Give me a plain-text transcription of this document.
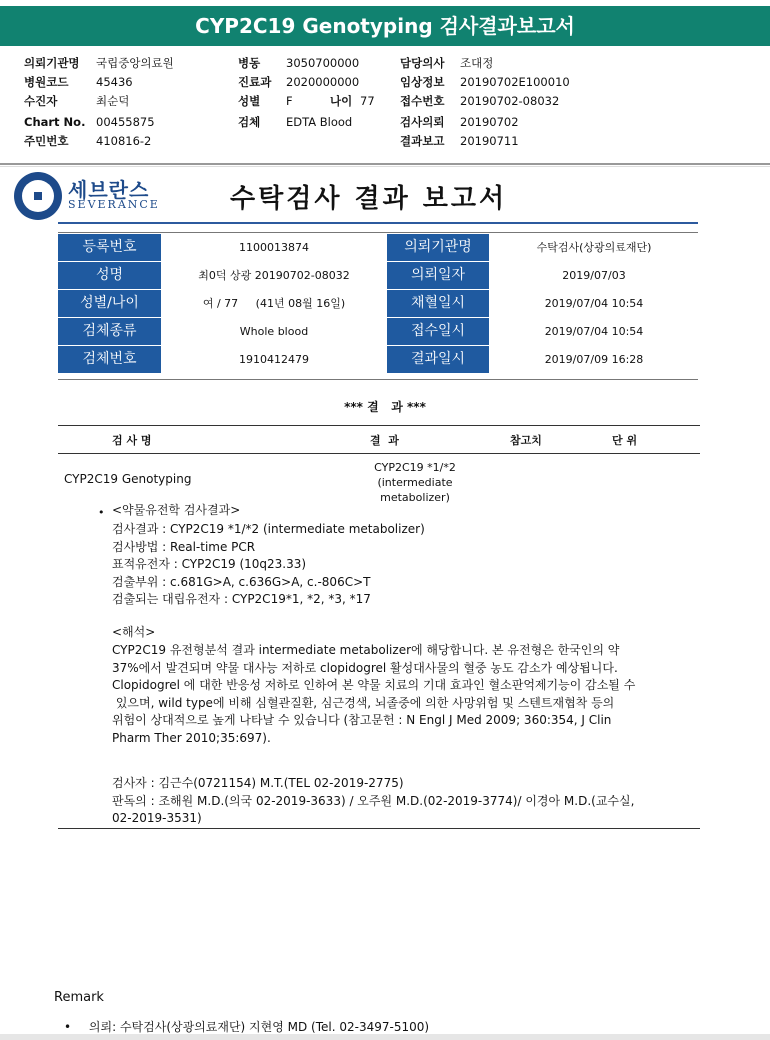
CYP2C19 Genotyping 검사결과보고서
의뢰기관명 국립중앙의료원
병원코드 45436
수진자	최순덕
Chart No. 00455875
주민번호 410816-2
병동 3050700000
진료과 2020000000
성별 F	나이 77
검체 EDTA Blood
담당의사 조대정
임상정보 20190702E100010
접수번호 20190702-08032
검사의뢰 20190702
결과보고 20190711
세브란스
SEVERANCE	수탁검사 결과 보고서
등록번호	1100013874	의뢰기관명	수탁검사(상광의료재단)
성명	최0덕 상광 20190702-08032	의뢰일자	2019/07/03
성별/나이	여 / 77     (41년 08월 16일)	채혈일시	2019/07/04 10:54
검체종류	Whole blood	접수일시	2019/07/04 10:54
검체번호	1910412479	결과일시	2019/07/09 16:28
*** 결   과 ***
검 사 명	결  과	참고치	단 위
CYP2C19 Genotyping
CYP2C19 *1/*2
(intermediate
metabolizer)
• <약물유전학 검사결과>
검사결과 : CYP2C19 *1/*2 (intermediate metabolizer)
검사방법 : Real-time PCR
표적유전자 : CYP2C19 (10q23.33)
검출부위 : c.681G>A, c.636G>A, c.-806C>T
검출되는 대립유전자 : CYP2C19*1, *2, *3, *17
<해석>
CYP2C19 유전형분석 결과 intermediate metabolizer에 해당합니다. 본 유전형은 한국인의 약
37%에서 발견되며 약물 대사능 저하로 clopidogrel 활성대사물의 혈중 농도 감소가 예상됩니다.
Clopidogrel 에 대한 반응성 저하로 인하여 본 약물 치료의 기대 효과인 혈소판억제기능이 감소될 수
있으며, wild type에 비해 심혈관질환, 심근경색, 뇌졸중에 의한 사망위험 및 스텐트재협착 등의
위험이 상대적으로 높게 나타날 수 있습니다 (참고문헌 : N Engl J Med 2009; 360:354, J Clin
Pharm Ther 2010;35:697).
검사자 : 김근수(0721154) M.T.(TEL 02-2019-2775)
판독의 : 조해원 M.D.(의국 02-2019-3633) / 오주원 M.D.(02-2019-3774)/ 이경아 M.D.(교수실,
02-2019-3531)
Remark
• 의뢰: 수탁검사(상광의료재단) 지현영 MD (Tel. 02-3497-5100)
